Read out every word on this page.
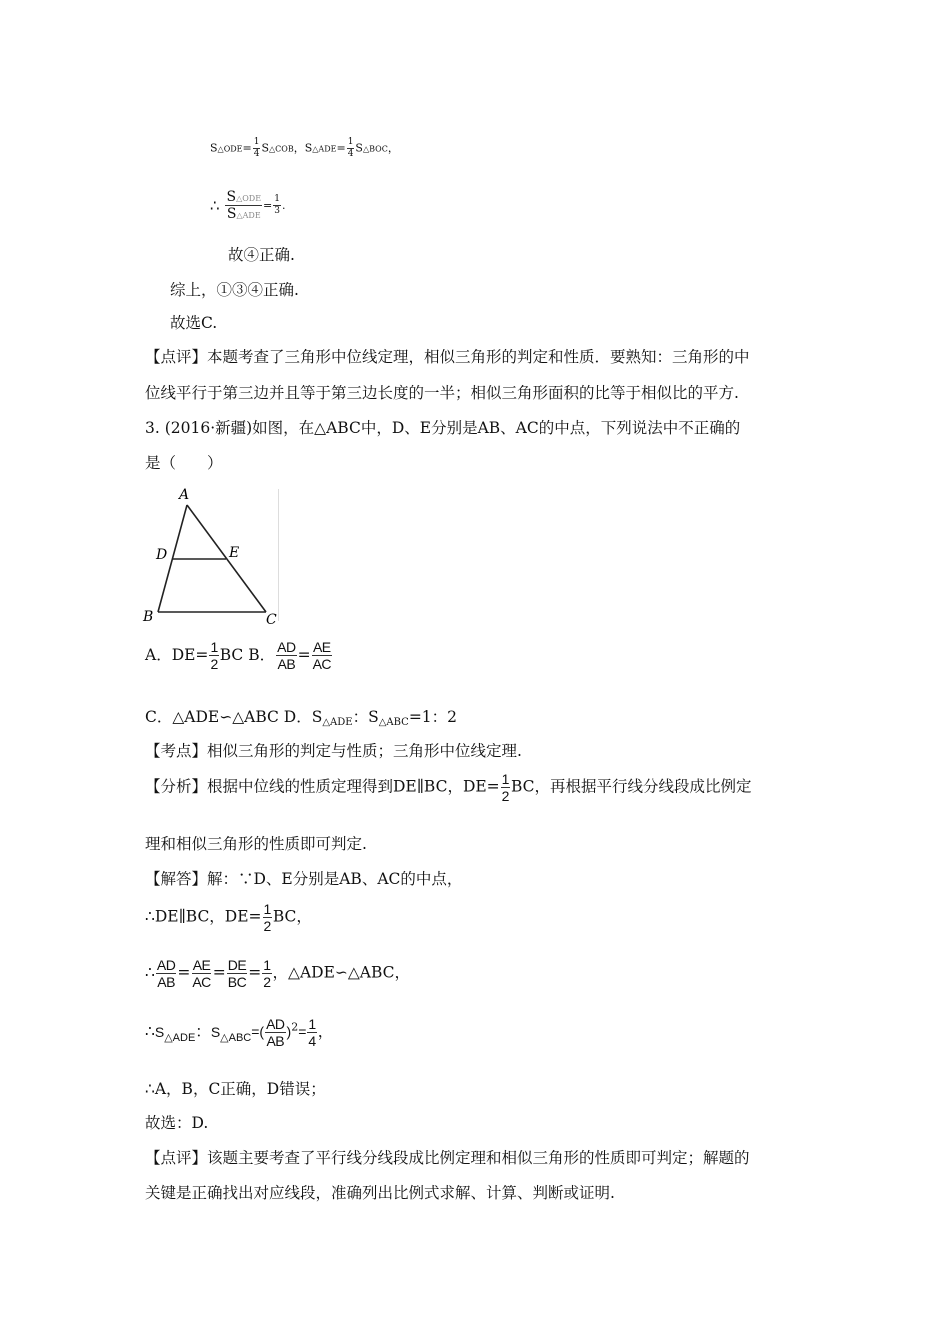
S△ODE= $\frac{1}{4}$ S△COB，S△ADE= $\frac{1}{4}$ S△BOC，
∴ $\frac{\text{S△ODE}}{\text{S△ADE}} = \frac{1}{3}$ .
故④正确.
综上，①③④正确.
故选C.
【点评】本题考查了三角形中位线定理，相似三角形的判定和性质．要熟知：三角形的中
位线平行于第三边并且等于第三边长度的一半；相似三角形面积的比等于相似比的平方.
3. (2016·新疆)如图，在△ABC中，D、E分别是AB、AC的中点，下列说法中不正确的
是（　　）
A
B	C
D	E
A．$DE= \frac{1}{2}$ BC B． $\frac{AD}{AB} = \frac{AE}{AC}$
C．△ADE∽△ABC D．$S_{\triangle ADE}$：$S_{\triangle ABC}=1$：2
【考点】相似三角形的判定与性质；三角形中位线定理.
【分析】根据中位线的性质定理得到DE∥BC，$DE= \frac{1}{2}$ BC，再根据平行线分线段成比例定
理和相似三角形的性质即可判定.
【解答】解：∵D、E分别是AB、AC的中点，
∴DE∥BC，$DE= \frac{1}{2}$ BC，
∴ $\frac{AD}{AB} = \frac{AE}{AC} = \frac{DE}{BC} = \frac{1}{2}$ ，△ADE∽△ABC，
$\therefore S_{\triangle ADE}$：$S_{\triangle ABC}=( \frac{AD}{AB} )^2= \frac{1}{4}$ ，
∴A，B，C正确，D错误；
故选：D.
【点评】该题主要考查了平行线分线段成比例定理和相似三角形的性质即可判定；解题的
关键是正确找出对应线段，准确列出比例式求解、计算、判断或证明.
